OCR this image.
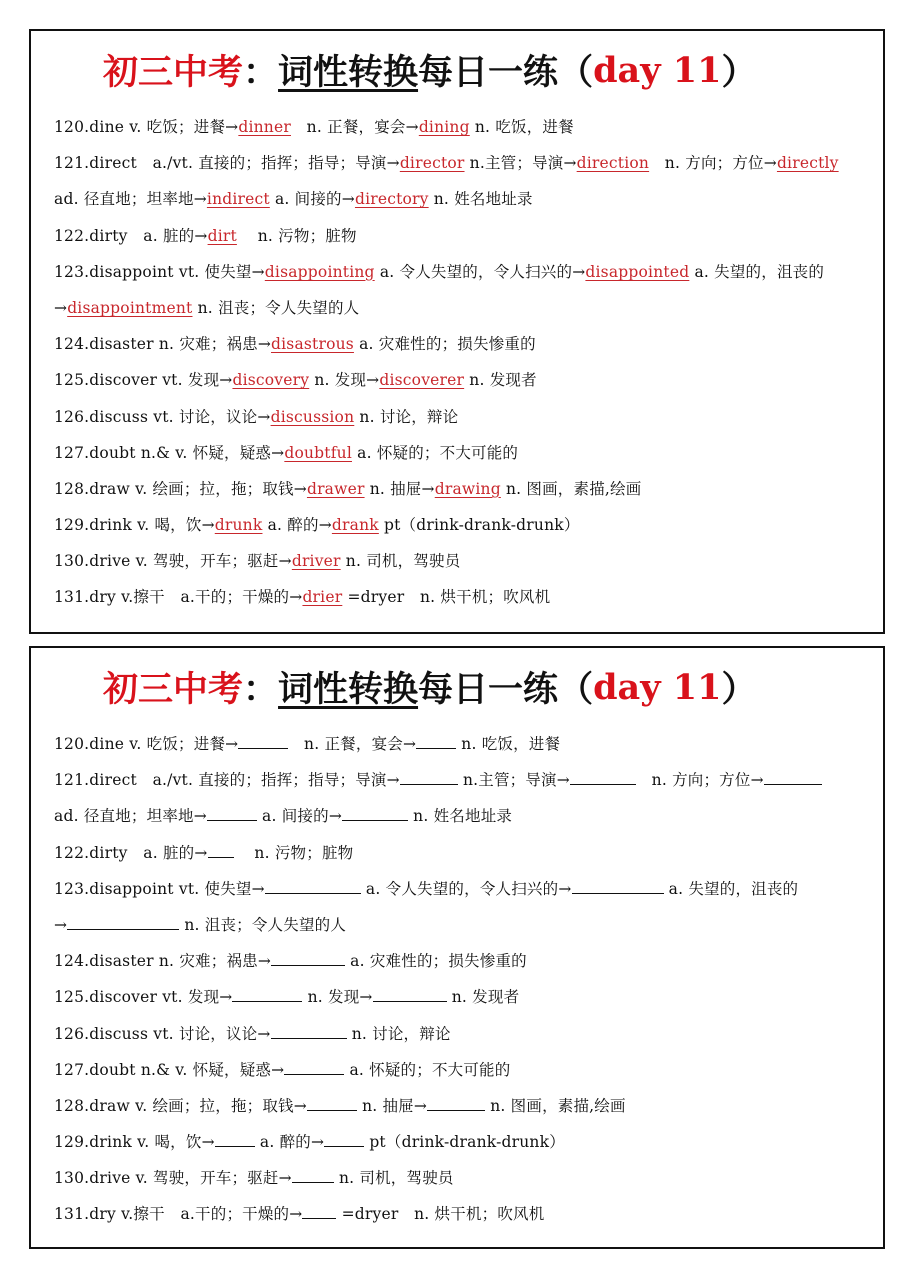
初三中考 ： 词性转换 每日一练 （ day 11 ）
120.dine v. 吃饭；进餐→dinner　n. 正餐，宴会→dining n. 吃饭，进餐
121.direct　a./vt. 直接的；指挥；指导；导演→director n.主管；导演→direction　n. 方向；方位→directly
ad. 径直地；坦率地→indirect a. 间接的→directory n. 姓名地址录
122.dirty　a. 脏的→dirt　 n. 污物；脏物
123.disappoint vt. 使失望→disappointing a. 令人失望的，令人扫兴的→disappointed a. 失望的，沮丧的
→disappointment n. 沮丧；令人失望的人
124.disaster n. 灾难；祸患→disastrous a. 灾难性的；损失惨重的
125.discover vt. 发现→discovery n. 发现→discoverer n. 发现者
126.discuss vt. 讨论，议论→discussion n. 讨论，辩论
127.doubt n.& v. 怀疑，疑惑→doubtful a. 怀疑的；不大可能的
128.draw v. 绘画；拉，拖；取钱→drawer n. 抽屉→drawing n. 图画，素描,绘画
129.drink v. 喝，饮→drunk a. 醉的→drank pt（drink-drank-drunk）
130.drive v. 驾驶，开车；驱赶→driver n. 司机，驾驶员
131.dry v.擦干　a.干的；干燥的→drier =dryer　n. 烘干机；吹风机
初三中考 ： 词性转换 每日一练 （ day 11 ）
120.dine v. 吃饭；进餐→	　n. 正餐，宴会→	n. 吃饭，进餐
121.direct　a./vt. 直接的；指挥；指导；导演→	n.主管；导演→	　n. 方向；方位→
ad. 径直地；坦率地→	a. 间接的→	n. 姓名地址录
122.dirty　a. 脏的→　 n. 污物；脏物
123.disappoint vt. 使失望→	a. 令人失望的，令人扫兴的→	a. 失望的，沮丧的
→	n. 沮丧；令人失望的人
124.disaster n. 灾难；祸患→	a. 灾难性的；损失惨重的
125.discover vt. 发现→	n. 发现→	n. 发现者
126.discuss vt. 讨论，议论→	n. 讨论，辩论
127.doubt n.& v. 怀疑，疑惑→	a. 怀疑的；不大可能的
128.draw v. 绘画；拉，拖；取钱→	n. 抽屉→	n. 图画，素描,绘画
129.drink v. 喝，饮→	a. 醉的→	pt（drink-drank-drunk）
130.drive v. 驾驶，开车；驱赶→	n. 司机，驾驶员
131.dry v.擦干　a.干的；干燥的→ =dryer　n. 烘干机；吹风机
